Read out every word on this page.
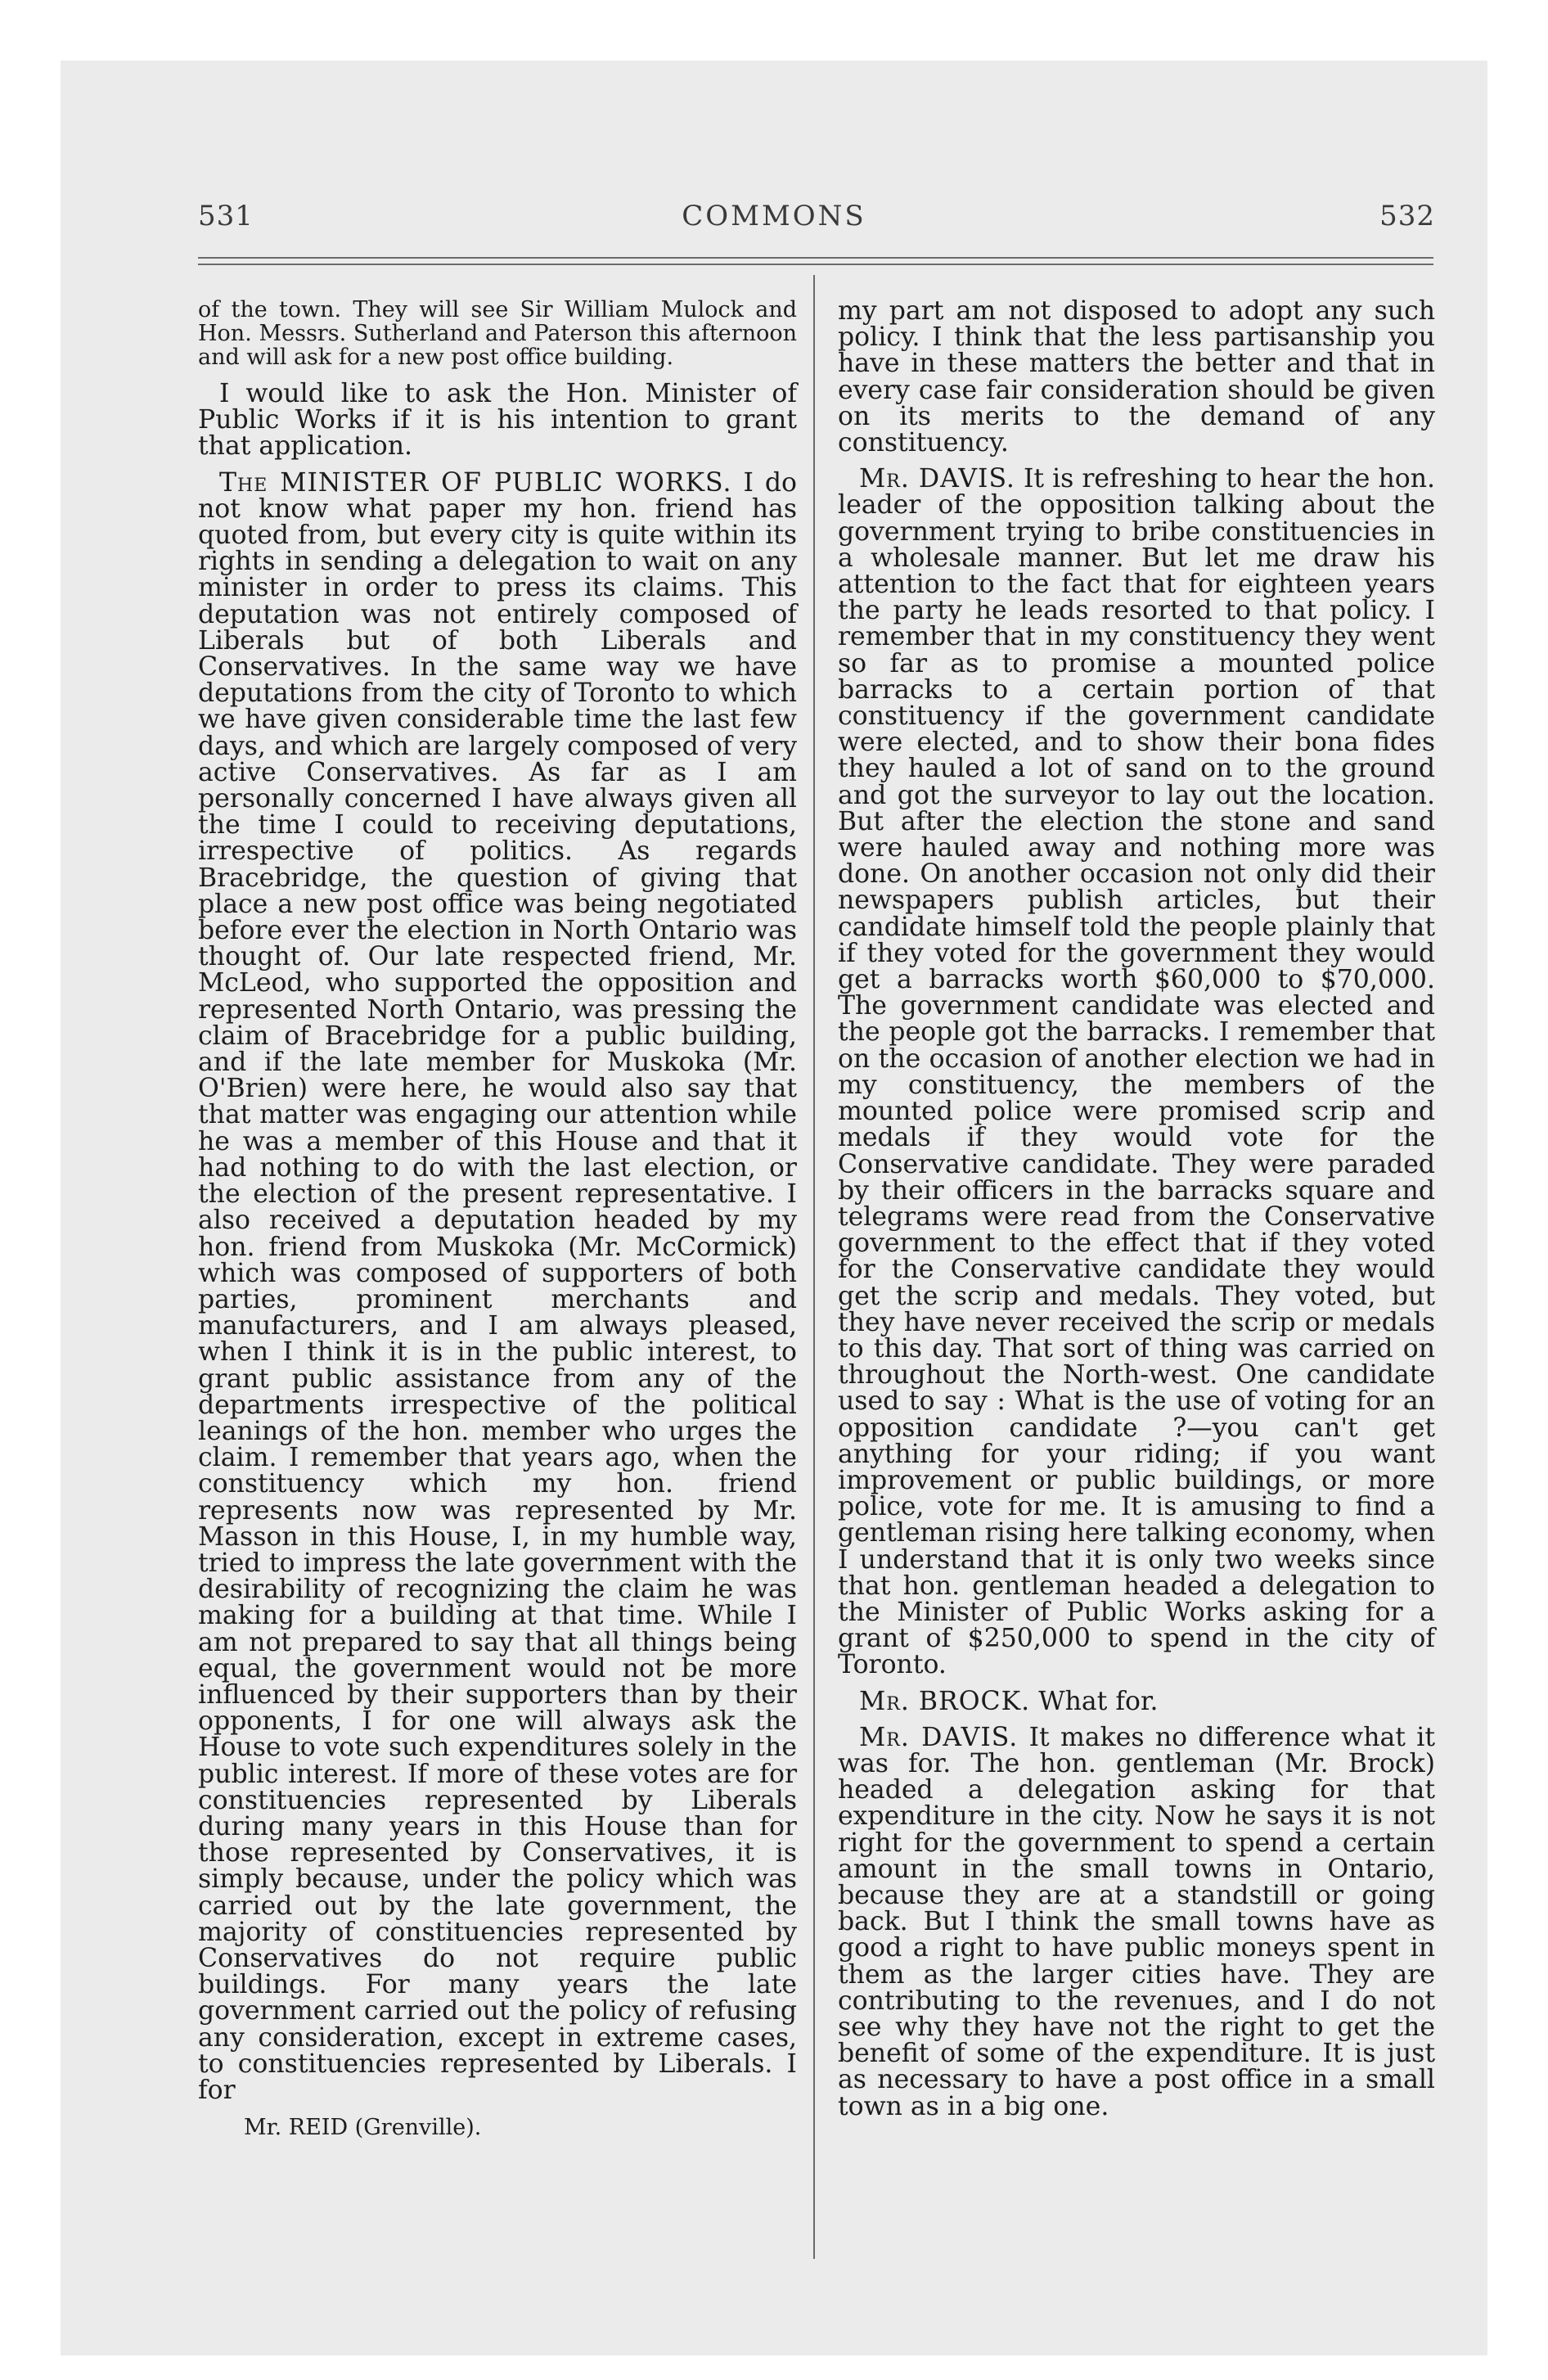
531	COMMONS	532

of the town. They will see Sir William Mulock and Hon. Messrs. Sutherland and Paterson this afternoon and will ask for a new post office building.

I would like to ask the Hon. Minister of Public Works if it is his intention to grant that application.

The MINISTER OF PUBLIC WORKS. I do not know what paper my hon. friend has quoted from, but every city is quite within its rights in sending a delegation to wait on any minister in order to press its claims. This deputation was not entirely composed of Liberals but of both Liberals and Conservatives. In the same way we have deputations from the city of Toronto to which we have given considerable time the last few days, and which are largely composed of very active Conservatives. As far as I am personally concerned I have always given all the time I could to receiving deputations, irrespective of politics. As regards Bracebridge, the question of giving that place a new post office was being negotiated before ever the election in North Ontario was thought of. Our late respected friend, Mr. McLeod, who supported the opposition and represented North Ontario, was pressing the claim of Bracebridge for a public building, and if the late member for Muskoka (Mr. O'Brien) were here, he would also say that that matter was engaging our attention while he was a member of this House and that it had nothing to do with the last election, or the election of the present representative. I also received a deputation headed by my hon. friend from Muskoka (Mr. McCormick) which was composed of supporters of both parties, prominent merchants and manufacturers, and I am always pleased, when I think it is in the public interest, to grant public assistance from any of the departments irrespective of the political leanings of the hon. member who urges the claim. I remember that years ago, when the constituency which my hon. friend represents now was represented by Mr. Masson in this House, I, in my humble way, tried to impress the late government with the desirability of recognizing the claim he was making for a building at that time. While I am not prepared to say that all things being equal, the government would not be more influenced by their supporters than by their opponents, I for one will always ask the House to vote such expenditures solely in the public interest. If more of these votes are for constituencies represented by Liberals during many years in this House than for those represented by Conservatives, it is simply because, under the policy which was carried out by the late government, the majority of constituencies represented by Conservatives do not require public buildings. For many years the late government carried out the policy of refusing any consideration, except in extreme cases, to constituencies represented by Liberals. I for

Mr. REID (Grenville).

my part am not disposed to adopt any such policy. I think that the less partisanship you have in these matters the better and that in every case fair consideration should be given on its merits to the demand of any constituency.

Mr. DAVIS. It is refreshing to hear the hon. leader of the opposition talking about the government trying to bribe constituencies in a wholesale manner. But let me draw his attention to the fact that for eighteen years the party he leads resorted to that policy. I remember that in my constituency they went so far as to promise a mounted police barracks to a certain portion of that constituency if the government candidate were elected, and to show their bona fides they hauled a lot of sand on to the ground and got the surveyor to lay out the location. But after the election the stone and sand were hauled away and nothing more was done. On another occasion not only did their newspapers publish articles, but their candidate himself told the people plainly that if they voted for the government they would get a barracks worth $60,000 to $70,000. The government candidate was elected and the people got the barracks. I remember that on the occasion of another election we had in my constituency, the members of the mounted police were promised scrip and medals if they would vote for the Conservative candidate. They were paraded by their officers in the barracks square and telegrams were read from the Conservative government to the effect that if they voted for the Conservative candidate they would get the scrip and medals. They voted, but they have never received the scrip or medals to this day. That sort of thing was carried on throughout the North-west. One candidate used to say : What is the use of voting for an opposition candidate ?—you can't get anything for your riding; if you want improvement or public buildings, or more police, vote for me. It is amusing to find a gentleman rising here talking economy, when I understand that it is only two weeks since that hon. gentleman headed a delegation to the Minister of Public Works asking for a grant of $250,000 to spend in the city of Toronto.

Mr. BROCK. What for.

Mr. DAVIS. It makes no difference what it was for. The hon. gentleman (Mr. Brock) headed a delegation asking for that expenditure in the city. Now he says it is not right for the government to spend a certain amount in the small towns in Ontario, because they are at a standstill or going back. But I think the small towns have as good a right to have public moneys spent in them as the larger cities have. They are contributing to the revenues, and I do not see why they have not the right to get the benefit of some of the expenditure. It is just as necessary to have a post office in a small town as in a big one.
